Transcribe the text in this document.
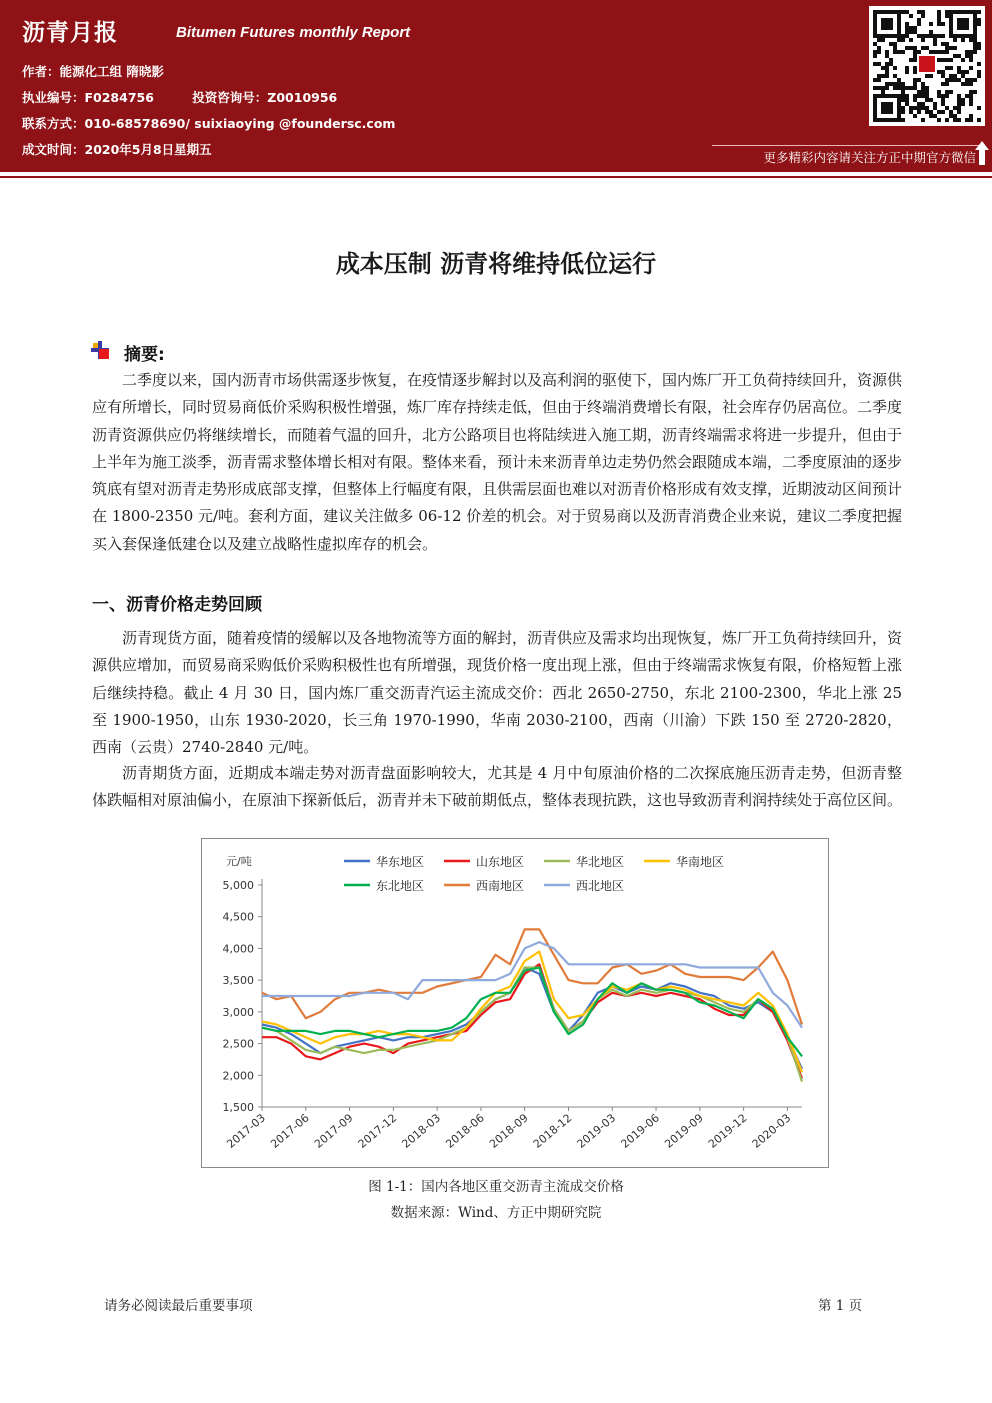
沥青月报	Bitumen Futures monthly Report
作者：能源化工组 隋晓影
执业编号：F0284756	投资咨询号：Z0010956
联系方式：010-68578690/ suixiaoying @foundersc.com
成文时间：2020年5月8日星期五
更多精彩内容请关注方正中期官方微信
成本压制 沥青将维持低位运行
摘要:
二季度以来，国内沥青市场供需逐步恢复，在疫情逐步解封以及高利润的驱使下，国内炼厂开工负荷持续回升，资源供应有所增长，同时贸易商低价采购积极性增强，炼厂库存持续走低，但由于终端消费增长有限，社会库存仍居高位。二季度沥青资源供应仍将继续增长，而随着气温的回升，北方公路项目也将陆续进入施工期，沥青终端需求将进一步提升，但由于上半年为施工淡季，沥青需求整体增长相对有限。整体来看，预计未来沥青单边走势仍然会跟随成本端，二季度原油的逐步筑底有望对沥青走势形成底部支撑，但整体上行幅度有限，且供需层面也难以对沥青价格形成有效支撑，近期波动区间预计在 1800-2350 元/吨。套利方面，建议关注做多 06-12 价差的机会。对于贸易商以及沥青消费企业来说，建议二季度把握买入套保逢低建仓以及建立战略性虚拟库存的机会。
一、沥青价格走势回顾
沥青现货方面，随着疫情的缓解以及各地物流等方面的解封，沥青供应及需求均出现恢复，炼厂开工负荷持续回升，资源供应增加，而贸易商采购低价采购积极性也有所增强，现货价格一度出现上涨，但由于终端需求恢复有限，价格短暂上涨后继续持稳。截止 4 月 30 日，国内炼厂重交沥青汽运主流成交价：西北 2650-2750，东北 2100-2300，华北上涨 25 至 1900-1950，山东 1930-2020，长三角 1970-1990，华南 2030-2100，西南（川渝）下跌 150 至 2720-2820，西南（云贵）2740-2840 元/吨。
沥青期货方面，近期成本端走势对沥青盘面影响较大，尤其是 4 月中旬原油价格的二次探底施压沥青走势，但沥青整体跌幅相对原油偏小，在原油下探新低后，沥青并未下破前期低点，整体表现抗跌，这也导致沥青利润持续处于高位区间。
元/吨
1,500
2,000
2,500
3,000
3,500
4,000
4,500
5,000
2017-03 2017-06 2017-09 2017-12 2018-03 2018-06 2018-09 2018-12 2019-03 2019-06 2019-09 2019-12 2020-03
华东地区	山东地区	华北地区	华南地区
东北地区	西南地区	西北地区
图 1-1：国内各地区重交沥青主流成交价格
数据来源：Wind、方正中期研究院
请务必阅读最后重要事项	第 1 页
